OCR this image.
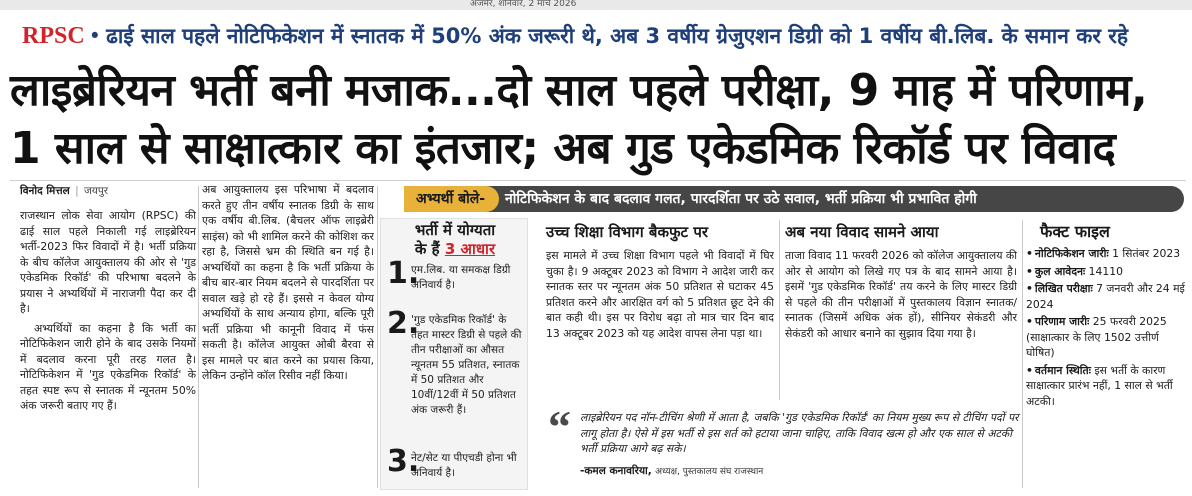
अजमेर, शनिवार, 2 मार्च 2026
RPSC • ढाई साल पहले नोटिफिकेशन में स्नातक में 50% अंक जरूरी थे, अब 3 वर्षीय ग्रेजुएशन डिग्री को 1 वर्षीय बी.लिब. के समान कर रहे
लाइब्रेरियन भर्ती बनी मजाक...दो साल पहले परीक्षा, 9 माह में परिणाम,
1 साल से साक्षात्कार का इंतजार; अब गुड एकेडमिक रिकॉर्ड पर विवाद
विनोद मित्तल | जयपुर

राजस्थान लोक सेवा आयोग (RPSC) की ढाई साल पहले निकाली गई लाइब्रेरियन भर्ती-2023 फिर विवादों में है। भर्ती प्रक्रिया के बीच कॉलेज आयुक्तालय की ओर से 'गुड एकेडमिक रिकॉर्ड' की परिभाषा बदलने के प्रयास ने अभ्यर्थियों में नाराजगी पैदा कर दी है।

अभ्यर्थियों का कहना है कि भर्ती का नोटिफिकेशन जारी होने के बाद उसके नियमों में बदलाव करना पूरी तरह गलत है। नोटिफिकेशन में 'गुड एकेडमिक रिकॉर्ड' के तहत स्पष्ट रूप से स्नातक में न्यूनतम 50% अंक जरूरी बताए गए हैं।

अब आयुक्तालय इस परिभाषा में बदलाव करते हुए तीन वर्षीय स्नातक डिग्री के साथ एक वर्षीय बी.लिब. (बैचलर ऑफ लाइब्रेरी साइंस) को भी शामिल करने की कोशिश कर रहा है, जिससे भ्रम की स्थिति बन गई है। अभ्यर्थियों का कहना है कि भर्ती प्रक्रिया के बीच बार-बार नियम बदलने से पारदर्शिता पर सवाल खड़े हो रहे हैं। इससे न केवल योग्य अभ्यर्थियों के साथ अन्याय होगा, बल्कि पूरी भर्ती प्रक्रिया भी कानूनी विवाद में फंस सकती है। कॉलेज आयुक्त ओबी बैरवा से इस मामले पर बात करने का प्रयास किया, लेकिन उन्होंने कॉल रिसीव नहीं किया।

अभ्यर्थी बोले- नोटिफिकेशन के बाद बदलाव गलत, पारदर्शिता पर उठे सवाल, भर्ती प्रक्रिया भी प्रभावित होगी
भर्ती में योग्यता
के हैं 3 आधार
1.
एम.लिब. या समकक्ष डिग्री अनिवार्य है।
2.
'गुड एकेडमिक रिकॉर्ड' के तहत मास्टर डिग्री से पहले की तीन परीक्षाओं का औसत न्यूनतम 55 प्रतिशत, स्नातक में 50 प्रतिशत और 10वीं/12वीं में 50 प्रतिशत अंक जरूरी हैं।
3.
नेट/सेट या पीएचडी होना भी अनिवार्य है।
उच्च शिक्षा विभाग बैकफुट पर

इस मामले में उच्च शिक्षा विभाग पहले भी विवादों में घिर चुका है। 9 अक्टूबर 2023 को विभाग ने आदेश जारी कर स्नातक स्तर पर न्यूनतम अंक 50 प्रतिशत से घटाकर 45 प्रतिशत करने और आरक्षित वर्ग को 5 प्रतिशत छूट देने की बात कही थी। इस पर विरोध बढ़ा तो मात्र चार दिन बाद 13 अक्टूबर 2023 को यह आदेश वापस लेना पड़ा था।

अब नया विवाद सामने आया

ताजा विवाद 11 फरवरी 2026 को कॉलेज आयुक्तालय की ओर से आयोग को लिखे गए पत्र के बाद सामने आया है। इसमें 'गुड एकेडमिक रिकॉर्ड' तय करने के लिए मास्टर डिग्री से पहले की तीन परीक्षाओं में पुस्तकालय विज्ञान स्नातक/स्नातक (जिसमें अधिक अंक हों), सीनियर सेकंडरी और सेकंडरी को आधार बनाने का सुझाव दिया गया है।

“ लाइब्रेरियन पद नॉन-टीचिंग श्रेणी में आता है, जबकि 'गुड एकेडमिक रिकॉर्ड' का नियम मुख्य रूप से टीचिंग पदों पर लागू होता है। ऐसे में इस भर्ती से इस शर्त को हटाया जाना चाहिए, ताकि विवाद खत्म हो और एक साल से अटकी भर्ती प्रक्रिया आगे बढ़ सके।
-कमल कनावरिया, अध्यक्ष, पुस्तकालय संघ राजस्थान
फैक्ट फाइल
• नोटिफिकेशन जारीः 1 सितंबर 2023
• कुल आवेदनः 14110
• लिखित परीक्षाः 7 जनवरी और 24 मई 2024
• परिणाम जारीः 25 फरवरी 2025 (साक्षात्कार के लिए 1502 उत्तीर्ण घोषित)
• वर्तमान स्थितिः इस भर्ती के कारण साक्षात्कार प्रारंभ नहीं, 1 साल से भर्ती अटकी।
